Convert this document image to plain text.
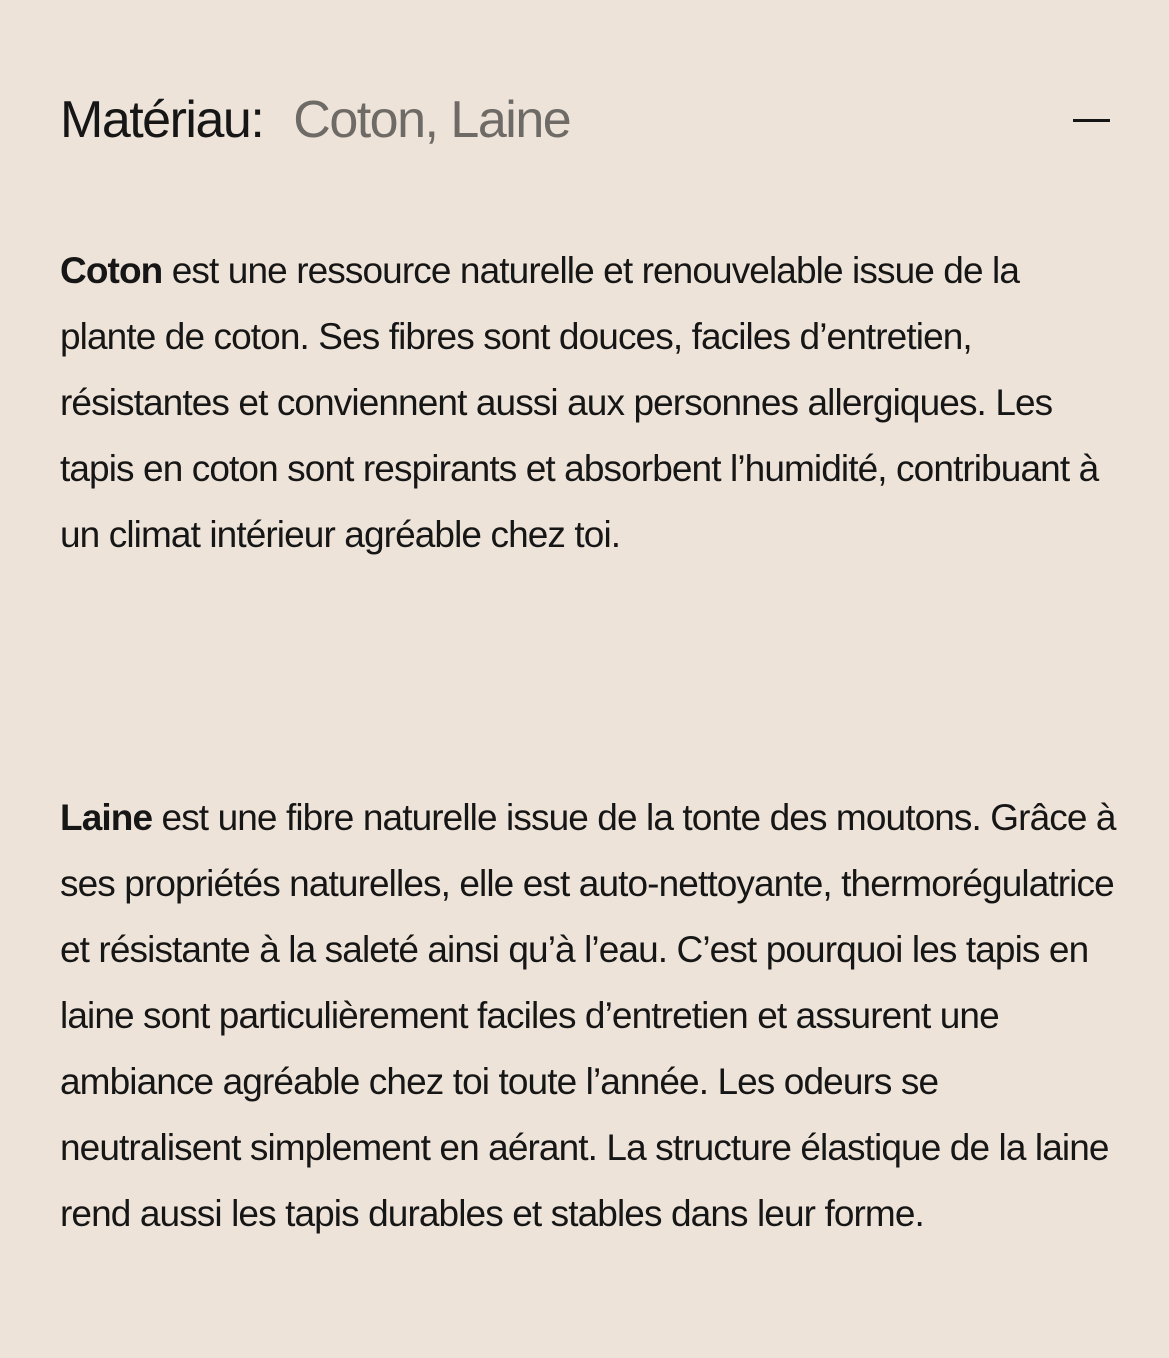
Matériau: Coton, Laine

Coton est une ressource naturelle et renouvelable issue de la plante de coton. Ses fibres sont douces, faciles d’entretien, résistantes et conviennent aussi aux personnes allergiques. Les tapis en coton sont respirants et absorbent l’humidité, contribuant à un climat intérieur agréable chez toi.

Laine est une fibre naturelle issue de la tonte des moutons. Grâce à ses propriétés naturelles, elle est auto-nettoyante, thermorégulatrice et résistante à la saleté ainsi qu’à l’eau. C’est pourquoi les tapis en laine sont particulièrement faciles d’entretien et assurent une ambiance agréable chez toi toute l’année. Les odeurs se neutralisent simplement en aérant. La structure élastique de la laine rend aussi les tapis durables et stables dans leur forme.
